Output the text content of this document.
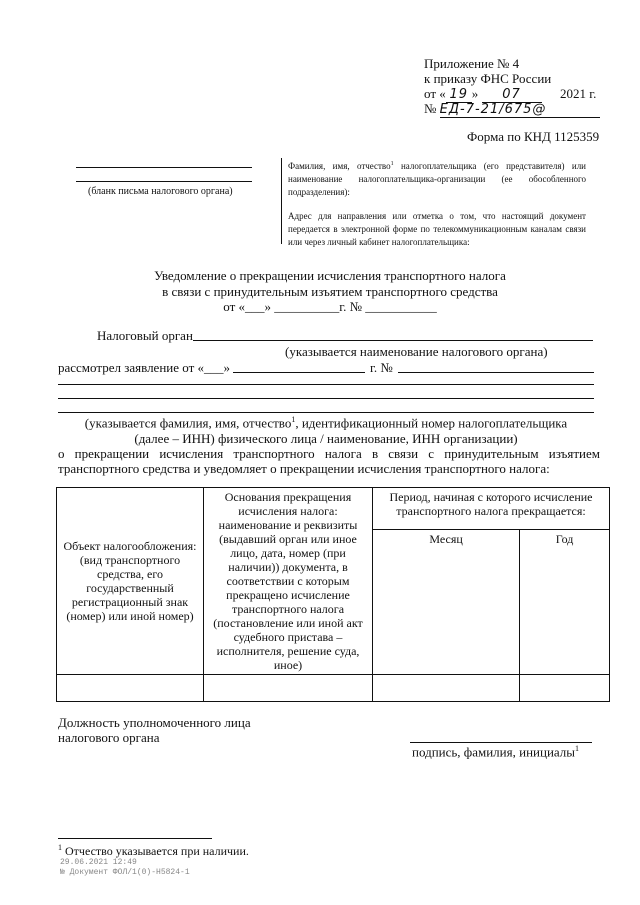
Приложение № 4
к приказу ФНС России
от « 19 » 07	2021 г.
№ ЕД-7-21/675@
Форма по КНД 1125359
(бланк письма налогового органа)
Фамилия, имя, отчество$^1$ налогоплательщика (его представителя) или наименование налогоплательщика-организации (ее обособленного подразделения):
Адрес для направления или отметка о том, что настоящий документ передается в электронной форме по телекоммуникационным каналам связи или через личный кабинет налогоплательщика:
Уведомление о прекращении исчисления транспортного налога
в связи с принудительным изъятием транспортного средства
от «___» __________г. № ___________
Налоговый орган
(указывается наименование налогового органа)
рассмотрел заявление от «___»	г. №
(указывается фамилия, имя, отчество$^1$, идентификационный номер налогоплательщика
(далее – ИНН) физического лица / наименование, ИНН организации)
о прекращении исчисления транспортного налога в связи с принудительным изъятием транспортного средства и уведомляет о прекращении исчисления транспортного налога:
Объект налогообложения: (вид транспортного средства, его государственный регистрационный знак (номер) или иной номер)	Основания прекращения исчисления налога: наименование и реквизиты (выдавший орган или иное лицо, дата, номер (при наличии)) документа, в соответствии с которым прекращено исчисление транспортного налога (постановление или иной акт судебного пристава – исполнителя, решение суда, иное)	Период, начиная с которого исчисление транспортного налога прекращается:	
		Месяц	Год

Должность уполномоченного лица
налогового органа
подпись, фамилия, инициалы$^1$
$^1$ Отчество указывается при наличии.
29.06.2021 12:49
№ Документ ФОЛ/1(0)-Н5824-1
